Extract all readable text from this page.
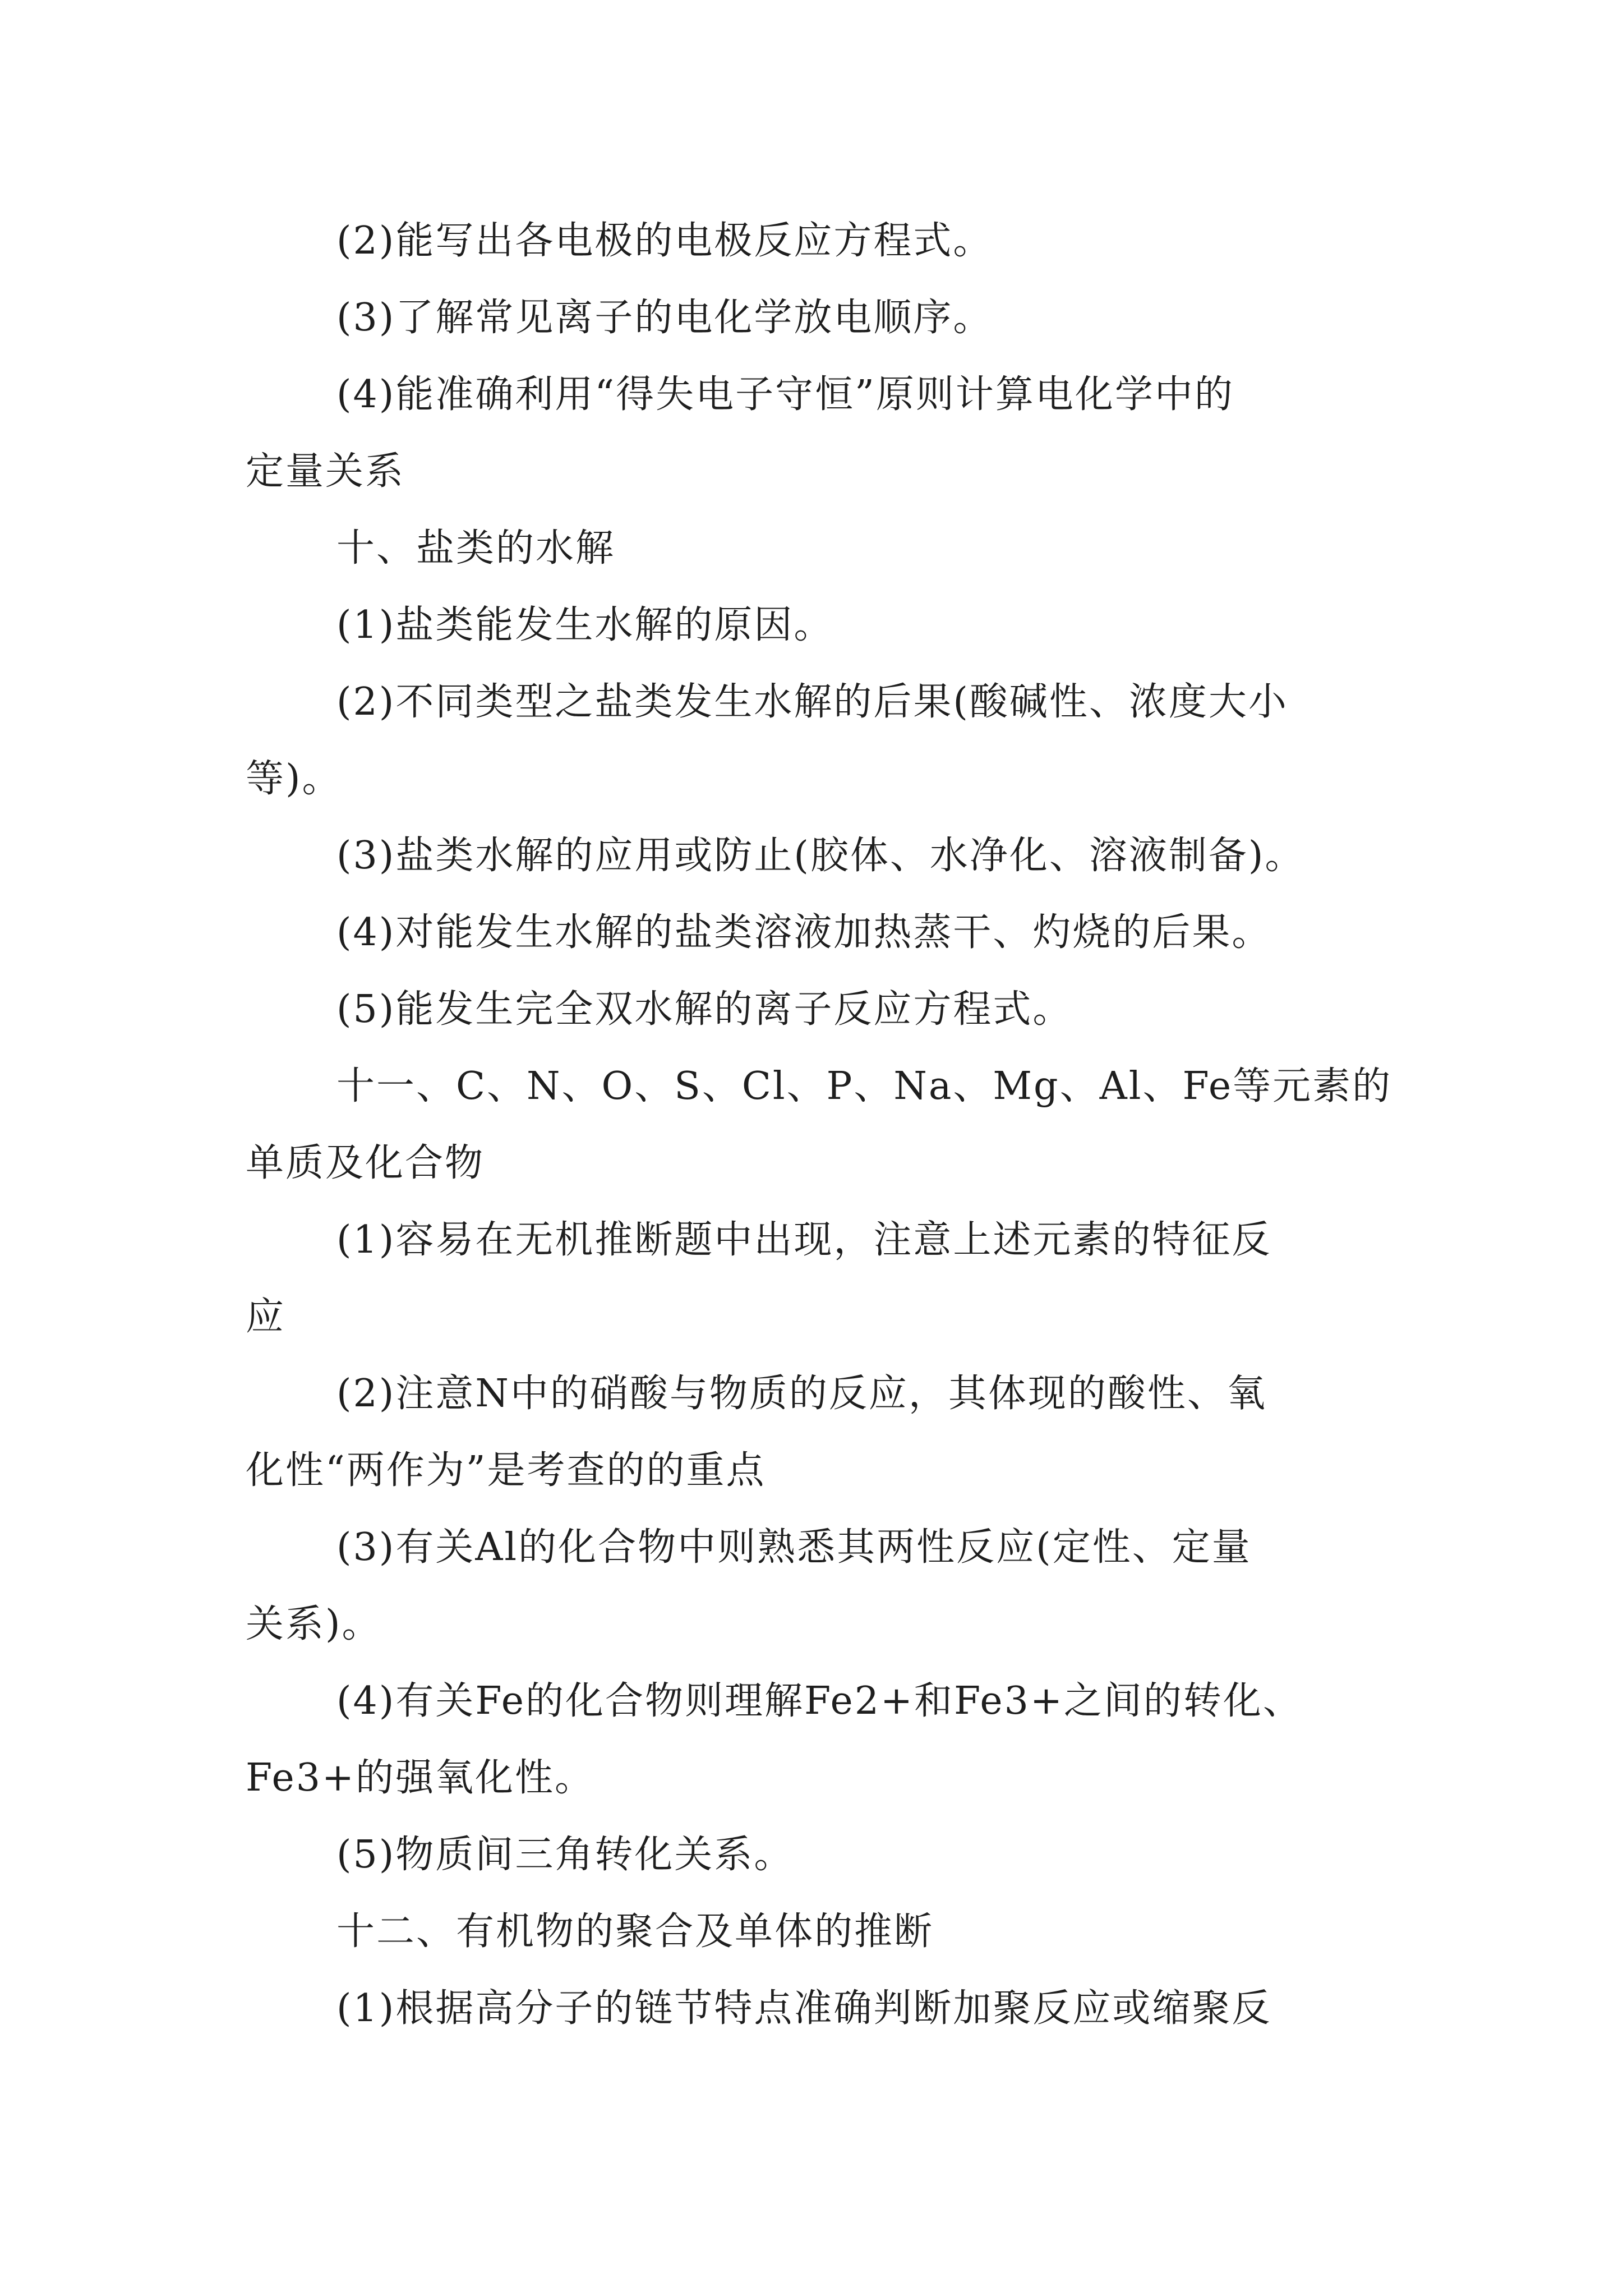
(2)能写出各电极的电极反应方程式。
(3)了解常见离子的电化学放电顺序。
(4)能准确利用“得失电子守恒”原则计算电化学中的
定量关系
十、盐类的水解
(1)盐类能发生水解的原因。
(2)不同类型之盐类发生水解的后果(酸碱性、浓度大小
等)。
(3)盐类水解的应用或防止(胶体、水净化、溶液制备)。
(4)对能发生水解的盐类溶液加热蒸干、灼烧的后果。
(5)能发生完全双水解的离子反应方程式。
十一、C、N、O、S、Cl、P、Na、Mg、Al、Fe等元素的
单质及化合物
(1)容易在无机推断题中出现，注意上述元素的特征反
应
(2)注意N中的硝酸与物质的反应，其体现的酸性、氧
化性“两作为”是考查的的重点
(3)有关Al的化合物中则熟悉其两性反应(定性、定量
关系)。
(4)有关Fe的化合物则理解Fe2+和Fe3+之间的转化、
Fe3+的强氧化性。
(5)物质间三角转化关系。
十二、有机物的聚合及单体的推断
(1)根据高分子的链节特点准确判断加聚反应或缩聚反
